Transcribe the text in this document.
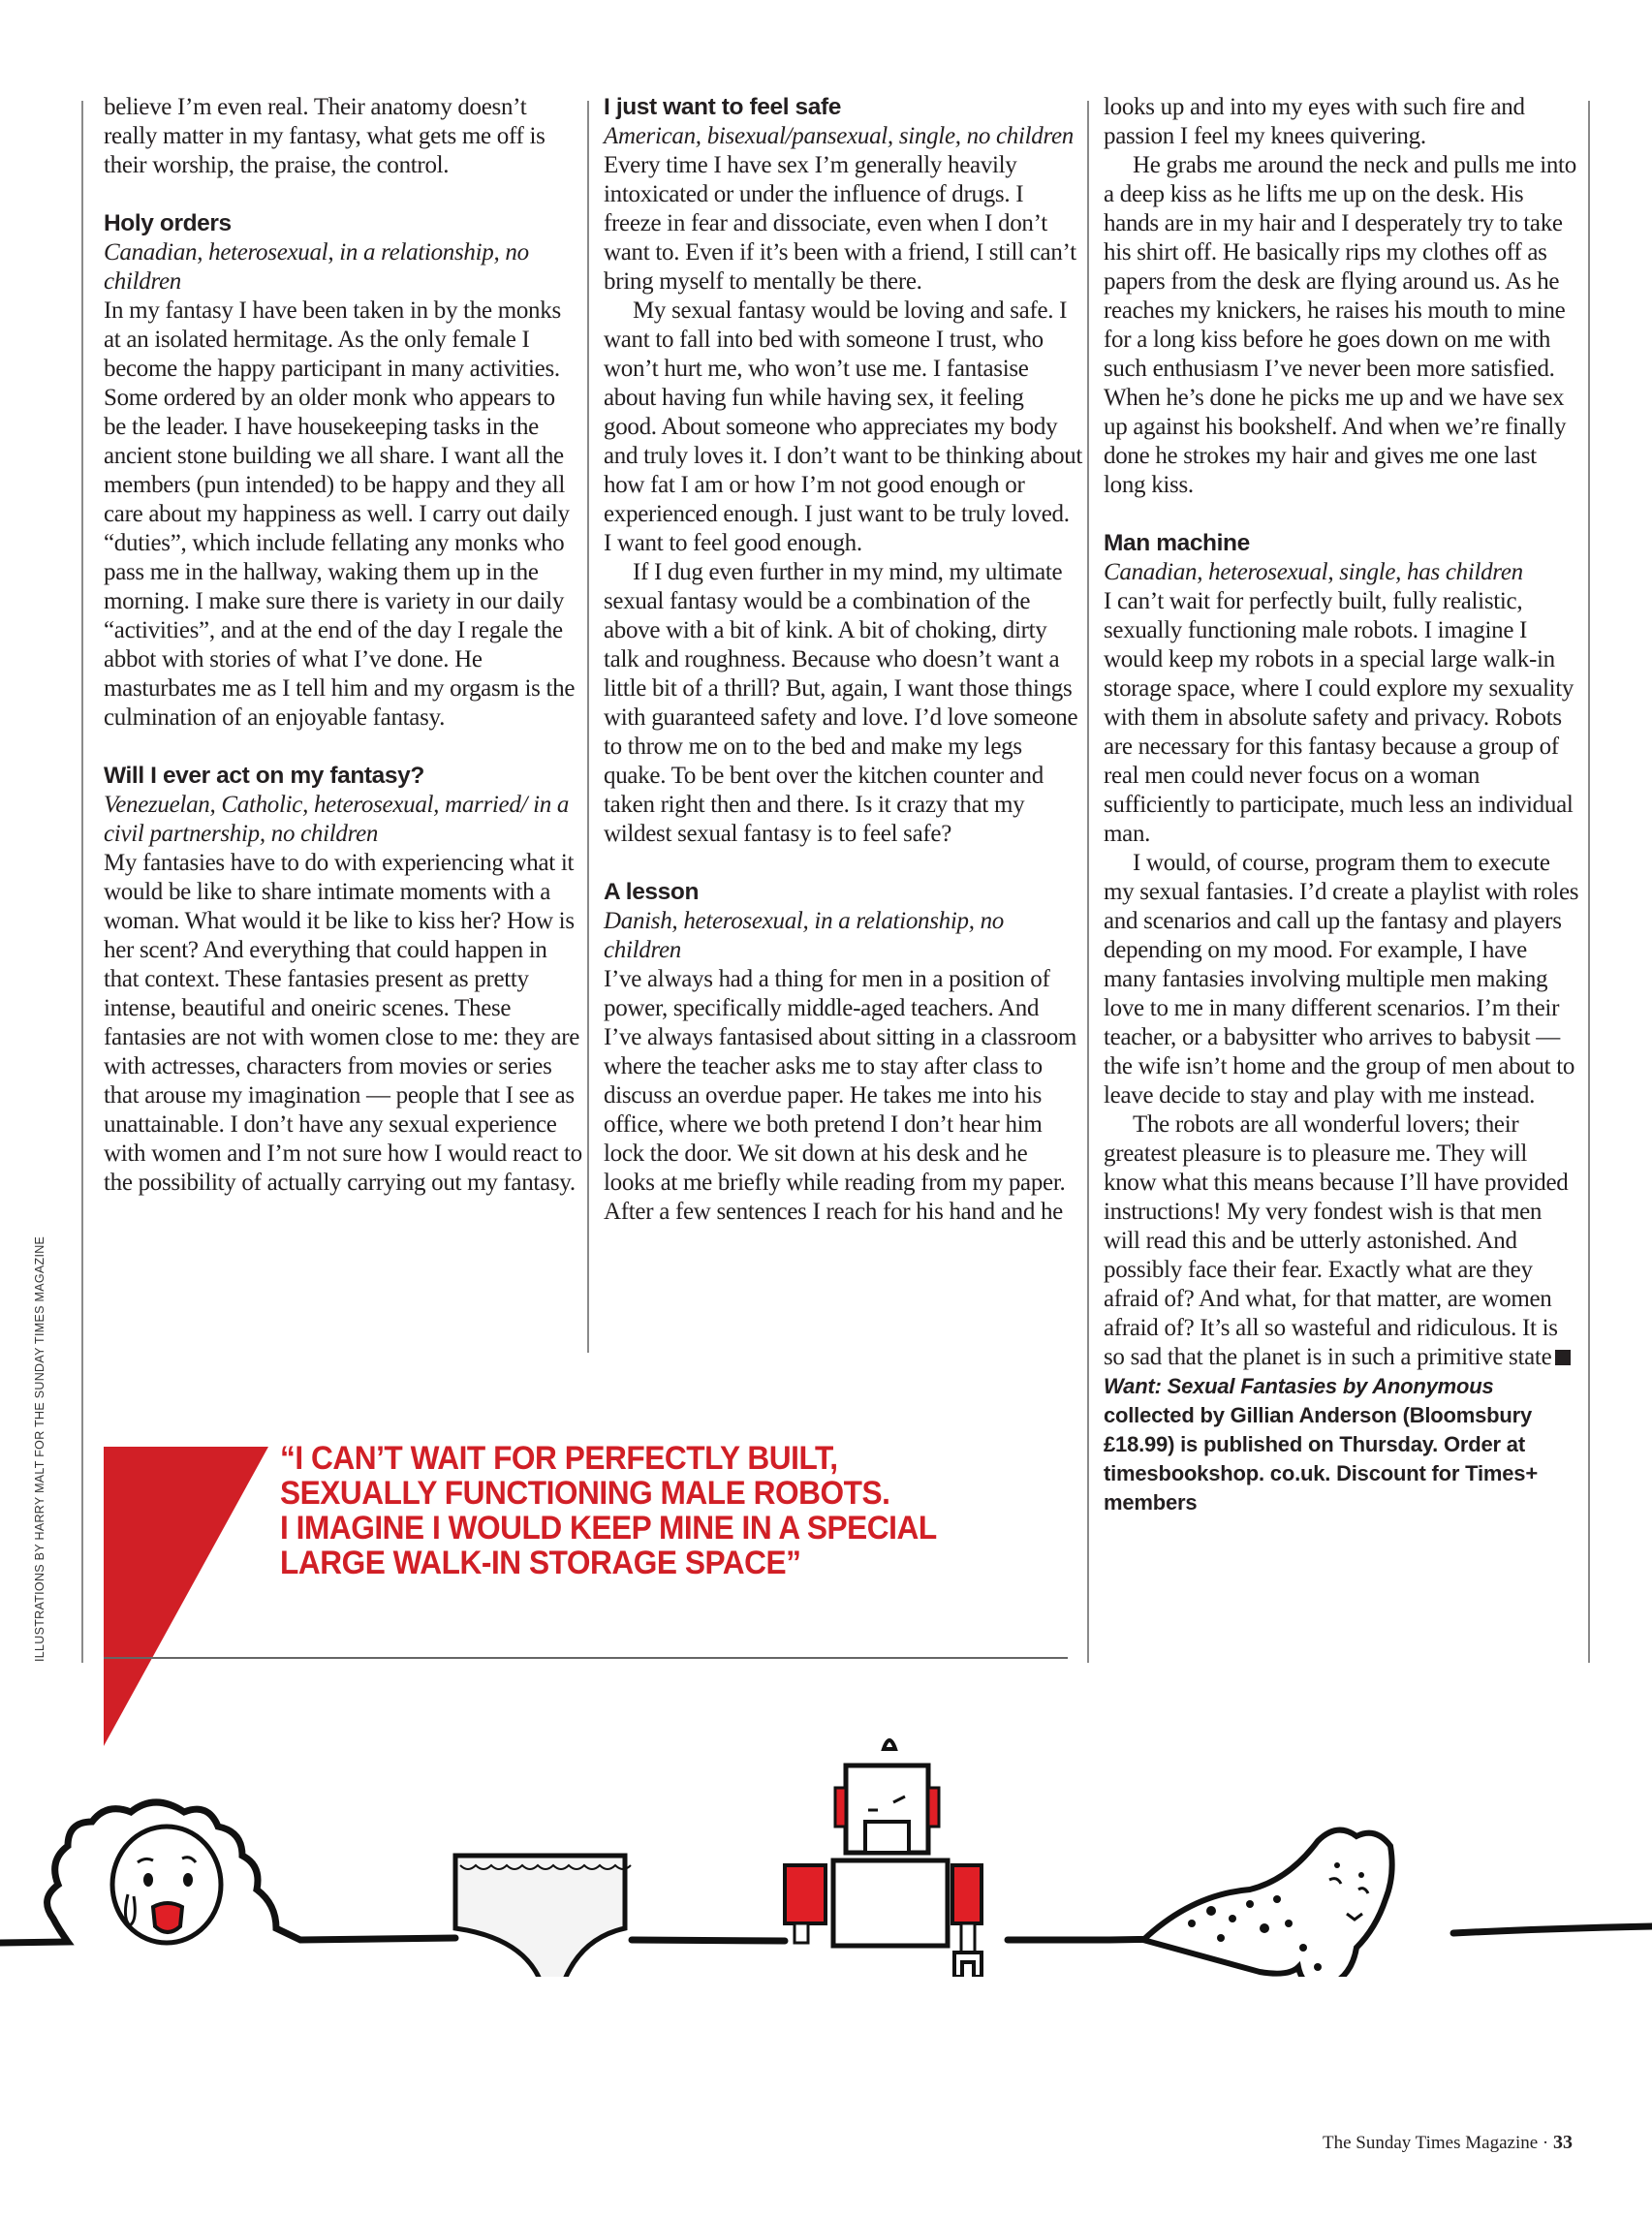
ILLUSTRATIONS BY HARRY MALT FOR THE SUNDAY TIMES MAGAZINE

believe I’m even real. Their anatomy doesn’t really matter in my fantasy, what gets me off is their worship, the praise, the control.

Holy orders

Canadian, heterosexual, in a relationship, no children

In my fantasy I have been taken in by the monks at an isolated hermitage. As the only female I become the happy participant in many activities. Some ordered by an older monk who appears to be the leader. I have housekeeping tasks in the ancient stone building we all share. I want all the members (pun intended) to be happy and they all care about my happiness as well. I carry out daily “duties”, which include fellating any monks who pass me in the hallway, waking them up in the morning. I make sure there is variety in our daily “activities”, and at the end of the day I regale the abbot with stories of what I’ve done. He masturbates me as I tell him and my orgasm is the culmination of an enjoyable fantasy.

Will I ever act on my fantasy?

Venezuelan, Catholic, heterosexual, married/ in a civil partnership, no children

My fantasies have to do with experiencing what it would be like to share intimate moments with a woman. What would it be like to kiss her? How is her scent? And everything that could happen in that context. These fantasies present as pretty intense, beautiful and oneiric scenes. These fantasies are not with women close to me: they are with actresses, characters from movies or series that arouse my imagination — people that I see as unattainable. I don’t have any sexual experience with women and I’m not sure how I would react to the possibility of actually carrying out my fantasy.

I just want to feel safe

American, bisexual/pansexual, single, no children

Every time I have sex I’m generally heavily intoxicated or under the influence of drugs. I freeze in fear and dissociate, even when I don’t want to. Even if it’s been with a friend, I still can’t bring myself to mentally be there.

My sexual fantasy would be loving and safe. I want to fall into bed with someone I trust, who won’t hurt me, who won’t use me. I fantasise about having fun while having sex, it feeling good. About someone who appreciates my body and truly loves it. I don’t want to be thinking about how fat I am or how I’m not good enough or experienced enough. I just want to be truly loved. I want to feel good enough.

If I dug even further in my mind, my ultimate sexual fantasy would be a combination of the above with a bit of kink. A bit of choking, dirty talk and roughness. Because who doesn’t want a little bit of a thrill? But, again, I want those things with guaranteed safety and love. I’d love someone to throw me on to the bed and make my legs quake. To be bent over the kitchen counter and taken right then and there. Is it crazy that my wildest sexual fantasy is to feel safe?

A lesson

Danish, heterosexual, in a relationship, no children

I’ve always had a thing for men in a position of power, specifically middle-aged teachers. And I’ve always fantasised about sitting in a classroom where the teacher asks me to stay after class to discuss an overdue paper. He takes me into his office, where we both pretend I don’t hear him lock the door. We sit down at his desk and he looks at me briefly while reading from my paper. After a few sentences I reach for his hand and he

looks up and into my eyes with such fire and passion I feel my knees quivering.

He grabs me around the neck and pulls me into a deep kiss as he lifts me up on the desk. His hands are in my hair and I desperately try to take his shirt off. He basically rips my clothes off as papers from the desk are flying around us. As he reaches my knickers, he raises his mouth to mine for a long kiss before he goes down on me with such enthusiasm I’ve never been more satisfied. When he’s done he picks me up and we have sex up against his bookshelf. And when we’re finally done he strokes my hair and gives me one last long kiss.

Man machine

Canadian, heterosexual, single, has children

I can’t wait for perfectly built, fully realistic, sexually functioning male robots. I imagine I would keep my robots in a special large walk-in storage space, where I could explore my sexuality with them in absolute safety and privacy. Robots are necessary for this fantasy because a group of real men could never focus on a woman sufficiently to participate, much less an individual man.

I would, of course, program them to execute my sexual fantasies. I’d create a playlist with roles and scenarios and call up the fantasy and players depending on my mood. For example, I have many fantasies involving multiple men making love to me in many different scenarios. I’m their teacher, or a babysitter who arrives to babysit — the wife isn’t home and the group of men about to leave decide to stay and play with me instead.

The robots are all wonderful lovers; their greatest pleasure is to pleasure me. They will know what this means because I’ll have provided instructions! My very fondest wish is that men will read this and be utterly astonished. And possibly face their fear. Exactly what are they afraid of? And what, for that matter, are women afraid of? It’s all so wasteful and ridiculous. It is so sad that the planet is in such a primitive state

Want: Sexual Fantasies by Anonymous collected by Gillian Anderson (Bloomsbury £18.99) is published on Thursday. Order at timesbookshop. co.uk. Discount for Times+ members

“I CAN’T WAIT FOR PERFECTLY BUILT,
SEXUALLY FUNCTIONING MALE ROBOTS.
I IMAGINE I WOULD KEEP MINE IN A SPECIAL
LARGE WALK-IN STORAGE SPACE”
The Sunday Times Magazine · 33
